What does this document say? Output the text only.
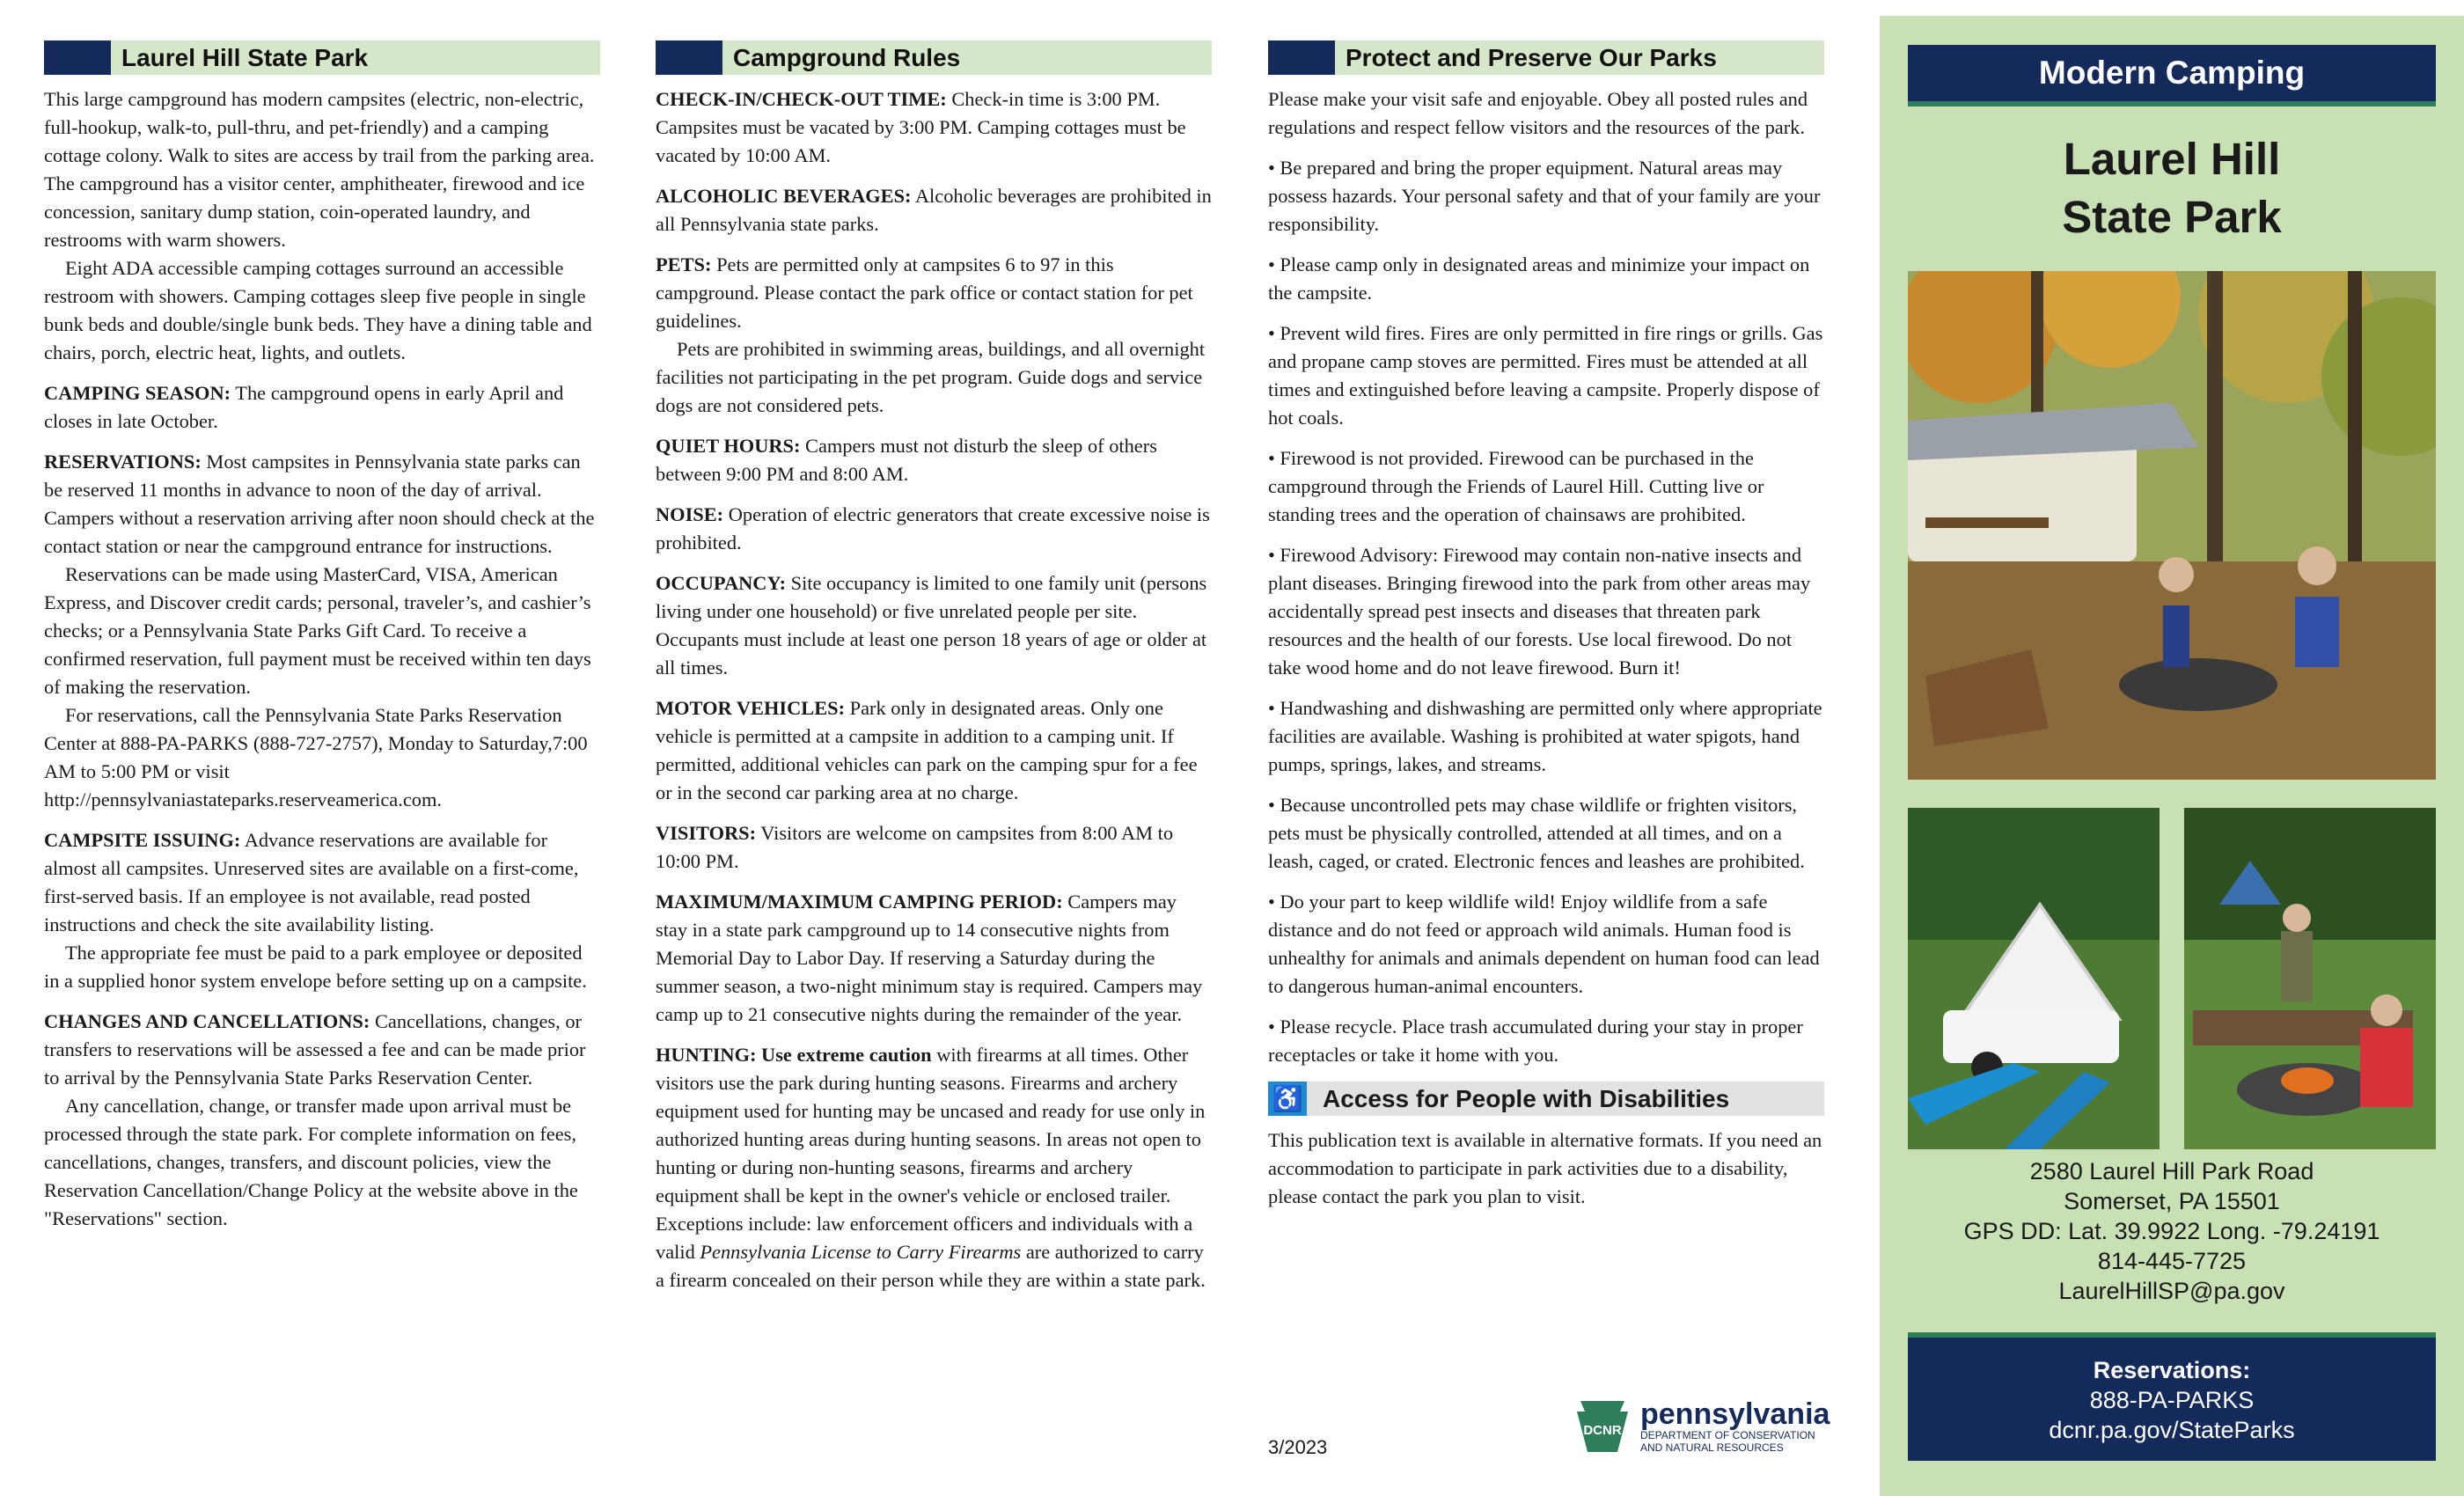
Laurel Hill State Park

This large campground has modern campsites (electric, non-electric, full-hookup, walk-to, pull-thru, and pet-friendly) and a camping cottage colony. Walk to sites are access by trail from the parking area. The campground has a visitor center, amphitheater, firewood and ice concession, sanitary dump station, coin-operated laundry, and restrooms with warm showers.

Eight ADA accessible camping cottages surround an accessible restroom with showers. Camping cottages sleep five people in single bunk beds and double/single bunk beds. They have a dining table and chairs, porch, electric heat, lights, and outlets.

CAMPING SEASON: The campground opens in early April and closes in late October.

RESERVATIONS: Most campsites in Pennsylvania state parks can be reserved 11 months in advance to noon of the day of arrival. Campers without a reservation arriving after noon should check at the contact station or near the campground entrance for instructions.

Reservations can be made using MasterCard, VISA, American Express, and Discover credit cards; personal, traveler’s, and cashier’s checks; or a Pennsylvania State Parks Gift Card. To receive a confirmed reservation, full payment must be received within ten days of making the reservation.

For reservations, call the Pennsylvania State Parks Reservation Center at 888-PA-PARKS (888-727-2757), Monday to Saturday,7:00 AM to 5:00 PM or visit http://pennsylvaniastateparks.reserveamerica.com.

CAMPSITE ISSUING: Advance reservations are available for almost all campsites. Unreserved sites are available on a first-come, first-served basis. If an employee is not available, read posted instructions and check the site availability listing.

The appropriate fee must be paid to a park employee or deposited in a supplied honor system envelope before setting up on a campsite.

CHANGES AND CANCELLATIONS: Cancellations, changes, or transfers to reservations will be assessed a fee and can be made prior to arrival by the Pennsylvania State Parks Reservation Center.

Any cancellation, change, or transfer made upon arrival must be processed through the state park. For complete information on fees, cancellations, changes, transfers, and discount policies, view the Reservation Cancellation/Change Policy at the website above in the "Reservations" section.

Campground Rules

CHECK-IN/CHECK-OUT TIME: Check-in time is 3:00 PM. Campsites must be vacated by 3:00 PM. Camping cottages must be vacated by 10:00 AM.

ALCOHOLIC BEVERAGES: Alcoholic beverages are prohibited in all Pennsylvania state parks.

PETS: Pets are permitted only at campsites 6 to 97 in this campground. Please contact the park office or contact station for pet guidelines.

Pets are prohibited in swimming areas, buildings, and all overnight facilities not participating in the pet program. Guide dogs and service dogs are not considered pets.

QUIET HOURS: Campers must not disturb the sleep of others between 9:00 PM and 8:00 AM.

NOISE: Operation of electric generators that create excessive noise is prohibited.

OCCUPANCY: Site occupancy is limited to one family unit (persons living under one household) or five unrelated people per site. Occupants must include at least one person 18 years of age or older at all times.

MOTOR VEHICLES: Park only in designated areas. Only one vehicle is permitted at a campsite in addition to a camping unit. If permitted, additional vehicles can park on the camping spur for a fee or in the second car parking area at no charge.

VISITORS: Visitors are welcome on campsites from 8:00 AM to 10:00 PM.

MAXIMUM/MAXIMUM CAMPING PERIOD: Campers may stay in a state park campground up to 14 consecutive nights from Memorial Day to Labor Day. If reserving a Saturday during the summer season, a two-night minimum stay is required. Campers may camp up to 21 consecutive nights during the remainder of the year.

HUNTING: Use extreme caution with firearms at all times. Other visitors use the park during hunting seasons. Firearms and archery equipment used for hunting may be uncased and ready for use only in authorized hunting areas during hunting seasons. In areas not open to hunting or during non-hunting seasons, firearms and archery equipment shall be kept in the owner's vehicle or enclosed trailer. Exceptions include: law enforcement officers and individuals with a valid Pennsylvania License to Carry Firearms are authorized to carry a firearm concealed on their person while they are within a state park.

Protect and Preserve Our Parks

Please make your visit safe and enjoyable. Obey all posted rules and regulations and respect fellow visitors and the resources of the park.

• Be prepared and bring the proper equipment. Natural areas may possess hazards. Your personal safety and that of your family are your responsibility.

• Please camp only in designated areas and minimize your impact on the campsite.

• Prevent wild fires. Fires are only permitted in fire rings or grills. Gas and propane camp stoves are permitted. Fires must be attended at all times and extinguished before leaving a campsite. Properly dispose of hot coals.

• Firewood is not provided. Firewood can be purchased in the campground through the Friends of Laurel Hill. Cutting live or standing trees and the operation of chainsaws are prohibited.

• Firewood Advisory: Firewood may contain non-native insects and plant diseases. Bringing firewood into the park from other areas may accidentally spread pest insects and diseases that threaten park resources and the health of our forests. Use local firewood. Do not take wood home and do not leave firewood. Burn it!

• Handwashing and dishwashing are permitted only where appropriate facilities are available. Washing is prohibited at water spigots, hand pumps, springs, lakes, and streams.

• Because uncontrolled pets may chase wildlife or frighten visitors, pets must be physically controlled, attended at all times, and on a leash, caged, or crated. Electronic fences and leashes are prohibited.

• Do your part to keep wildlife wild! Enjoy wildlife from a safe distance and do not feed or approach wild animals. Human food is unhealthy for animals and animals dependent on human food can lead to dangerous human-animal encounters.

• Please recycle. Place trash accumulated during your stay in proper receptacles or take it home with you.

♿ Access for People with Disabilities

This publication text is available in alternative formats. If you need an accommodation to participate in park activities due to a disability, please contact the park you plan to visit.

3/2023
DCNR pennsylvania
DEPARTMENT OF CONSERVATION
AND NATURAL RESOURCES
Modern Camping
Laurel Hill
State Park
2580 Laurel Hill Park Road
Somerset, PA 15501
GPS DD: Lat. 39.9922 Long. -79.24191
814-445-7725
LaurelHillSP@pa.gov
Reservations:
888-PA-PARKS
dcnr.pa.gov/StateParks
